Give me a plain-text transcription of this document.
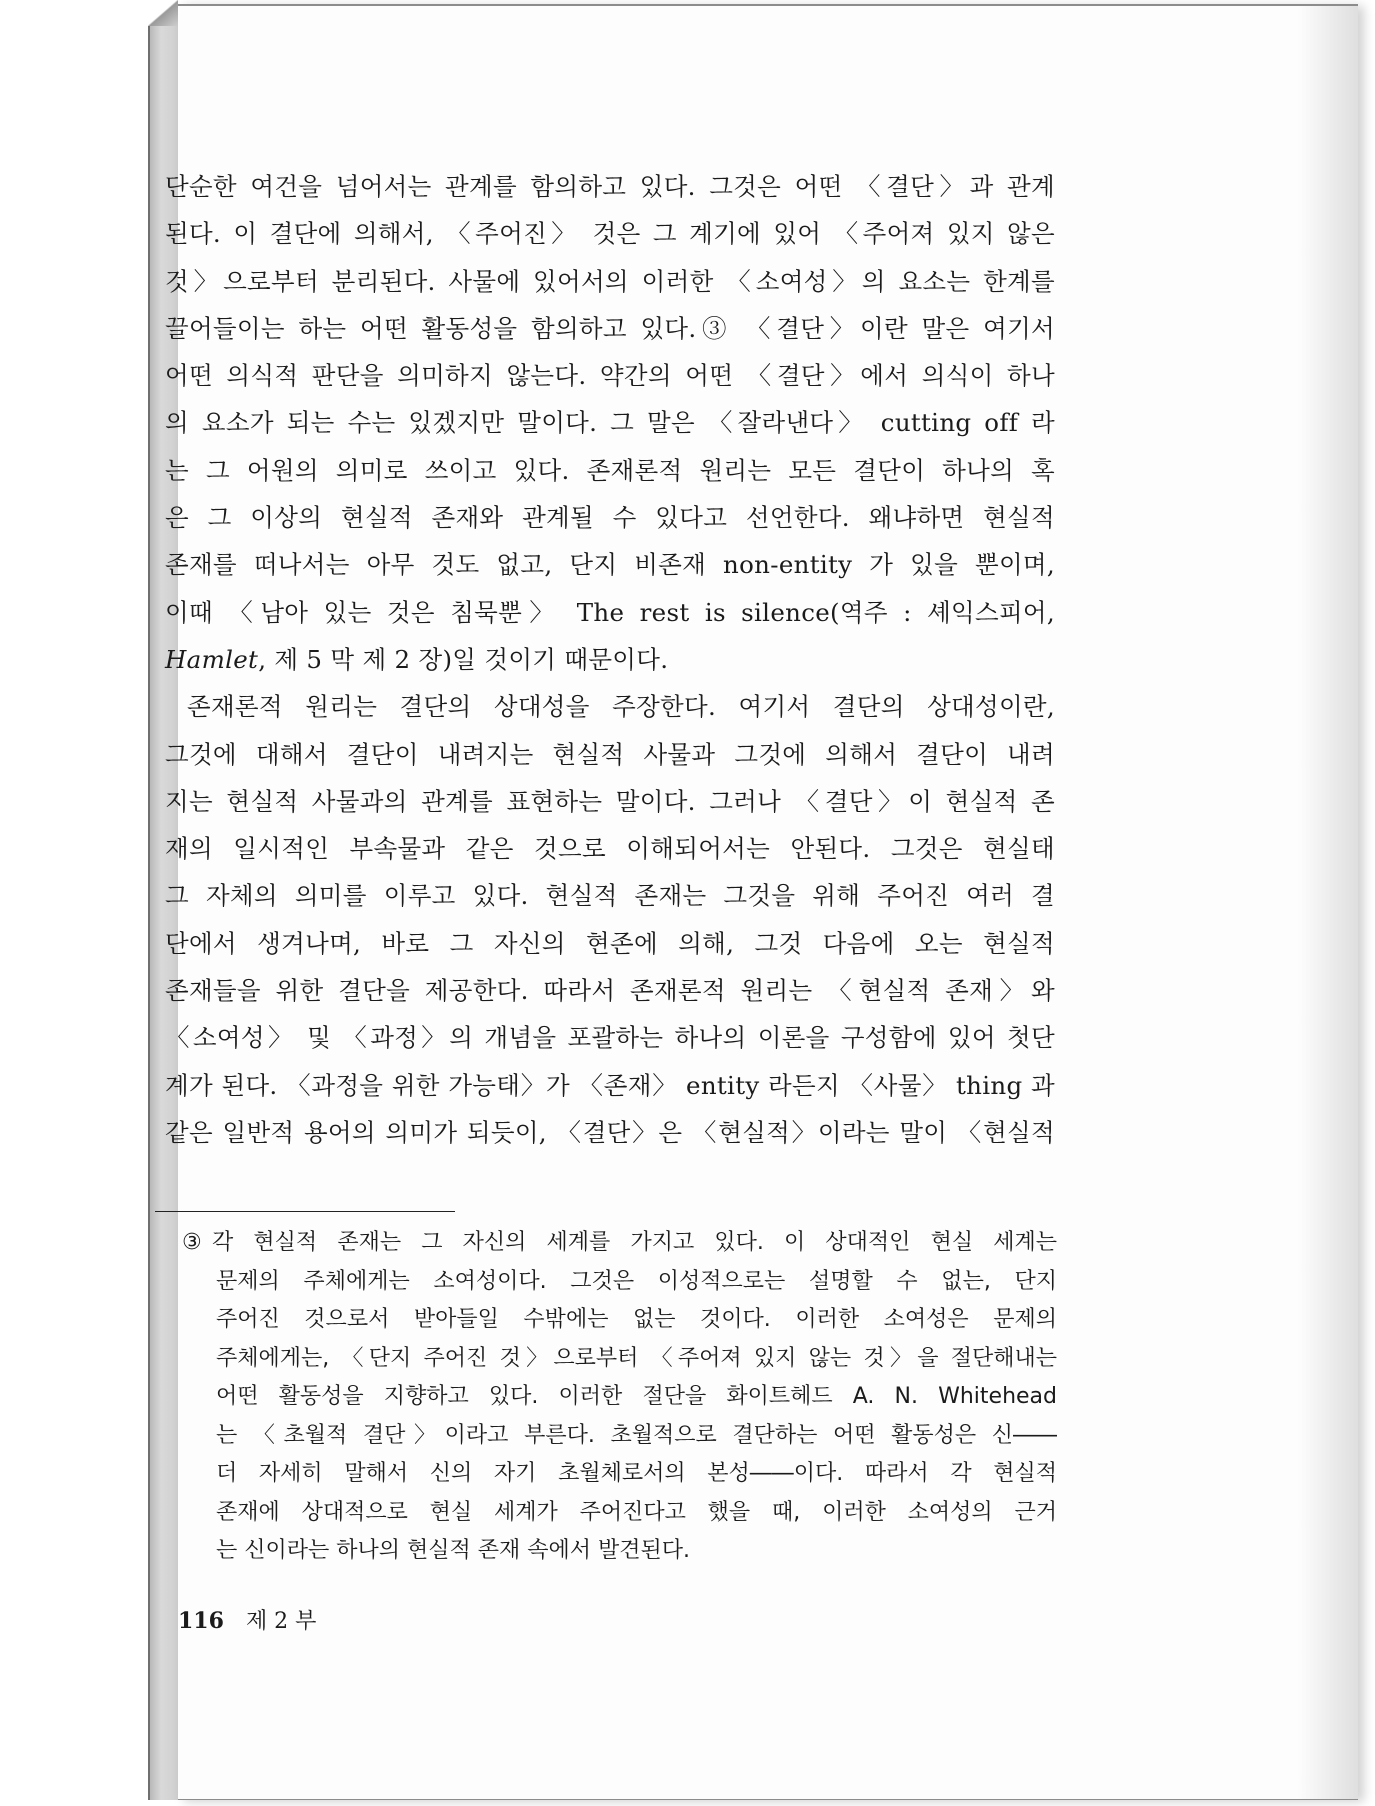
단순한 여건을 넘어서는 관계를 함의하고 있다. 그것은 어떤 〈결단〉과 관계
된다. 이 결단에 의해서, 〈주어진〉 것은 그 계기에 있어 〈주어져 있지 않은
것〉으로부터 분리된다. 사물에 있어서의 이러한 〈소여성〉의 요소는 한계를
끌어들이는 하는 어떤 활동성을 함의하고 있다.③ 〈결단〉이란 말은 여기서
어떤 의식적 판단을 의미하지 않는다. 약간의 어떤 〈결단〉에서 의식이 하나
의 요소가 되는 수는 있겠지만 말이다. 그 말은 〈잘라낸다〉 cutting off 라
는 그 어원의 의미로 쓰이고 있다. 존재론적 원리는 모든 결단이 하나의 혹
은 그 이상의 현실적 존재와 관계될 수 있다고 선언한다. 왜냐하면 현실적
존재를 떠나서는 아무 것도 없고, 단지 비존재 non-entity 가 있을 뿐이며,
이때 〈남아 있는 것은 침묵뿐〉 The rest is silence(역주 : 셰익스피어,
Hamlet, 제 5 막 제 2 장)일 것이기 때문이다.
존재론적 원리는 결단의 상대성을 주장한다. 여기서 결단의 상대성이란,
그것에 대해서 결단이 내려지는 현실적 사물과 그것에 의해서 결단이 내려
지는 현실적 사물과의 관계를 표현하는 말이다. 그러나 〈결단〉이 현실적 존
재의 일시적인 부속물과 같은 것으로 이해되어서는 안된다. 그것은 현실태
그 자체의 의미를 이루고 있다. 현실적 존재는 그것을 위해 주어진 여러 결
단에서 생겨나며, 바로 그 자신의 현존에 의해, 그것 다음에 오는 현실적
존재들을 위한 결단을 제공한다. 따라서 존재론적 원리는 〈현실적 존재〉와
〈소여성〉 및 〈과정〉의 개념을 포괄하는 하나의 이론을 구성함에 있어 첫단
계가 된다. 〈과정을 위한 가능태〉가 〈존재〉 entity 라든지 〈사물〉 thing 과
같은 일반적 용어의 의미가 되듯이, 〈결단〉은 〈현실적〉이라는 말이 〈현실적
③ 각 현실적 존재는 그 자신의 세계를 가지고 있다. 이 상대적인 현실 세계는
문제의 주체에게는 소여성이다. 그것은 이성적으로는 설명할 수 없는, 단지
주어진 것으로서 받아들일 수밖에는 없는 것이다. 이러한 소여성은 문제의
주체에게는, 〈단지 주어진 것〉으로부터 〈주어져 있지 않는 것〉을 절단해내는
어떤 활동성을 지향하고 있다. 이러한 절단을 화이트헤드 A. N. Whitehead
는 〈초월적 결단〉이라고 부른다. 초월적으로 결단하는 어떤 활동성은 신――
더 자세히 말해서 신의 자기 초월체로서의 본성――이다. 따라서 각 현실적
존재에 상대적으로 현실 세계가 주어진다고 했을 때, 이러한 소여성의 근거
는 신이라는 하나의 현실적 존재 속에서 발견된다.
116 제 2 부
